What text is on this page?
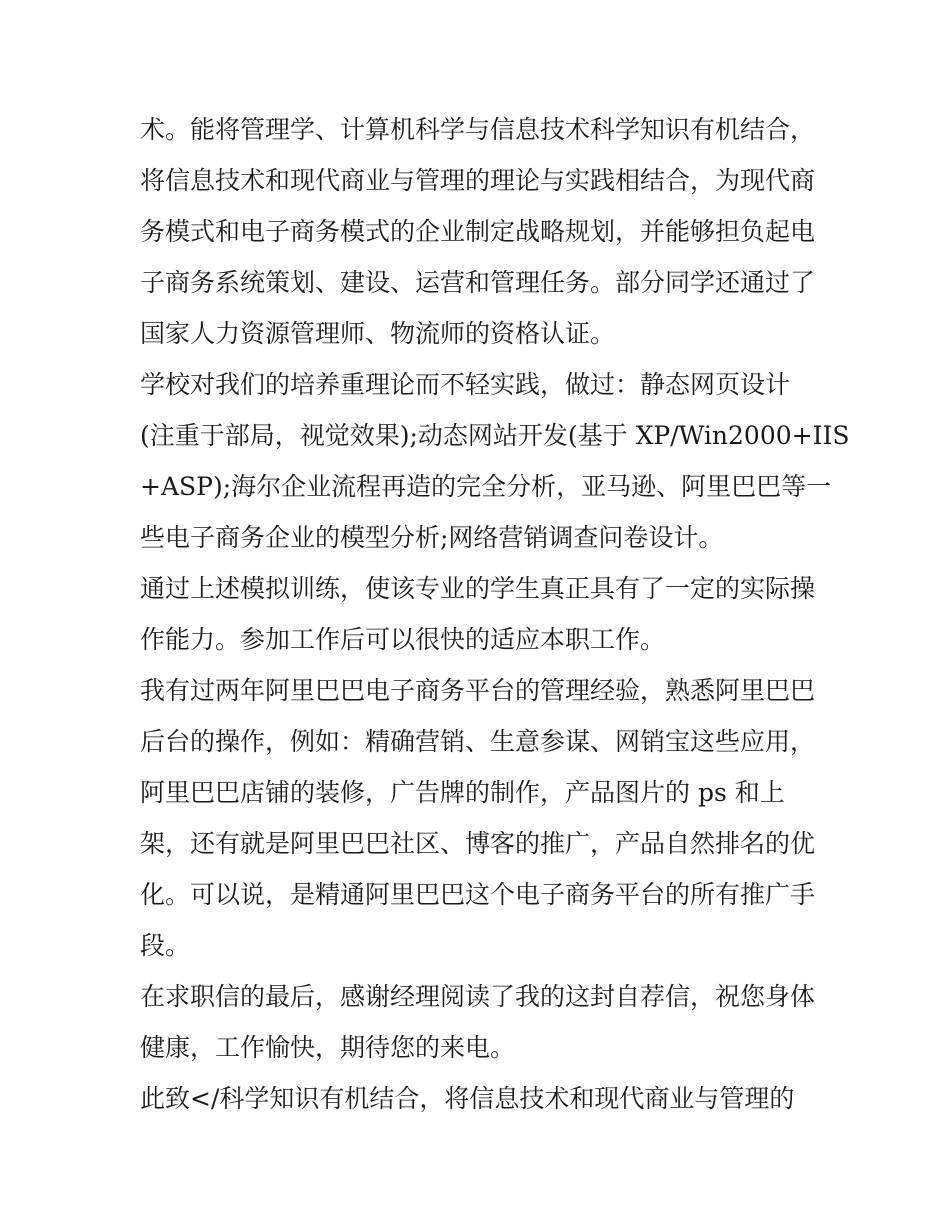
术。能将管理学、计算机科学与信息技术科学知识有机结合，
将信息技术和现代商业与管理的理论与实践相结合，为现代商
务模式和电子商务模式的企业制定战略规划，并能够担负起电
子商务系统策划、建设、运营和管理任务。部分同学还通过了
国家人力资源管理师、物流师的资格认证。
学校对我们的培养重理论而不轻实践，做过：静态网页设计
(注重于部局，视觉效果);动态网站开发(基于 XP/Win2000+IIS
+ASP);海尔企业流程再造的完全分析，亚马逊、阿里巴巴等一
些电子商务企业的模型分析;网络营销调查问卷设计。
通过上述模拟训练，使该专业的学生真正具有了一定的实际操
作能力。参加工作后可以很快的适应本职工作。
我有过两年阿里巴巴电子商务平台的管理经验，熟悉阿里巴巴
后台的操作，例如：精确营销、生意参谋、网销宝这些应用，
阿里巴巴店铺的装修，广告牌的制作，产品图片的 ps 和上
架，还有就是阿里巴巴社区、博客的推广，产品自然排名的优
化。可以说，是精通阿里巴巴这个电子商务平台的所有推广手
段。
在求职信的最后，感谢经理阅读了我的这封自荐信，祝您身体
健康，工作愉快，期待您的来电。
此致</科学知识有机结合，将信息技术和现代商业与管理的
